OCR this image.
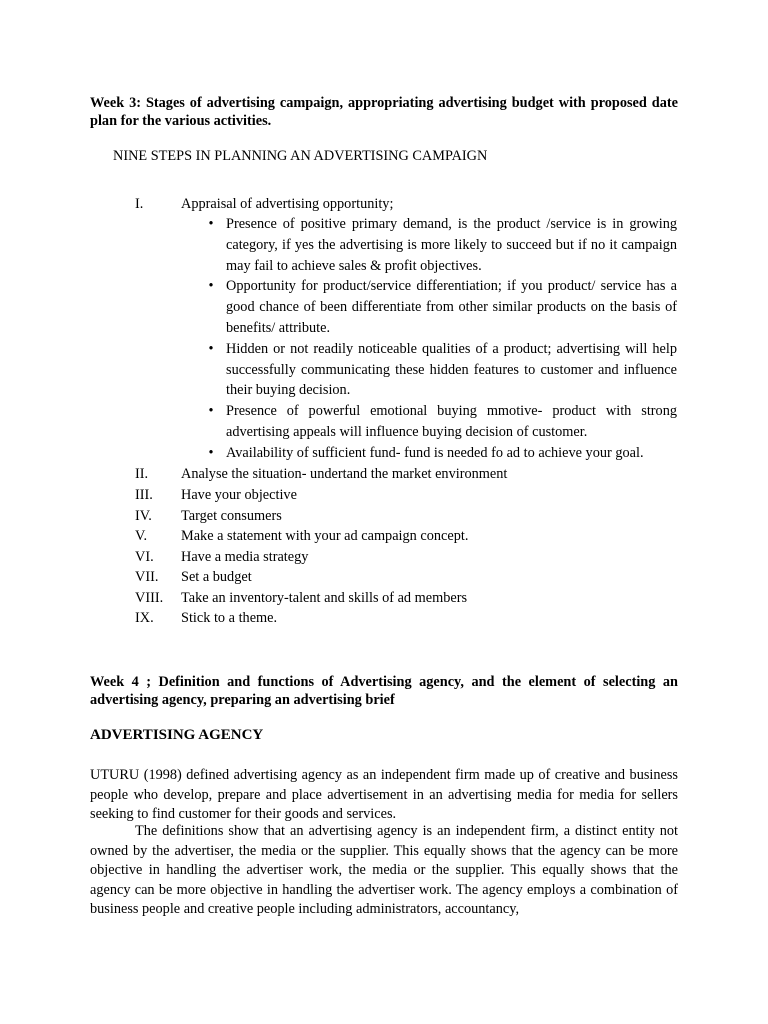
Week 3: Stages of advertising campaign, appropriating advertising budget with proposed date plan for the various activities.
NINE STEPS IN PLANNING AN ADVERTISING CAMPAIGN
I.	Appraisal of advertising opportunity;
• Presence of positive primary demand, is the product /service is in growing category, if yes the advertising is more likely to succeed but if no it campaign may fail to achieve sales & profit objectives.
• Opportunity for product/service differentiation; if you product/ service has a good chance of been differentiate from other similar products on the basis of benefits/ attribute.
• Hidden or not readily noticeable qualities of a product; advertising will help successfully communicating these hidden features to customer and influence their buying decision.
• Presence of powerful emotional buying mmotive- product with strong advertising appeals will influence buying decision of customer.
• Availability of sufficient fund- fund is needed fo ad to achieve your goal.
II. Analyse the situation- undertand the market environment
III. Have your objective
IV. Target consumers
V. Make a statement with your ad campaign concept.
VI. Have a media strategy
VII. Set a budget
VIII. Take an inventory-talent and skills of ad members
IX. Stick to a theme.
Week 4 ; Definition and functions of Advertising agency, and the element of selecting an advertising agency, preparing an advertising brief
ADVERTISING AGENCY
UTURU (1998) defined advertising agency as an independent firm made up of creative and business people who develop, prepare and place advertisement in an advertising media for media for sellers seeking to find customer for their goods and services.
The definitions show that an advertising agency is an independent firm, a distinct entity not owned by the advertiser, the media or the supplier. This equally shows that the agency can be more objective in handling the advertiser work, the media or the supplier. This equally shows that the agency can be more objective in handling the advertiser work. The agency employs a combination of business people and creative people including administrators, accountancy,
